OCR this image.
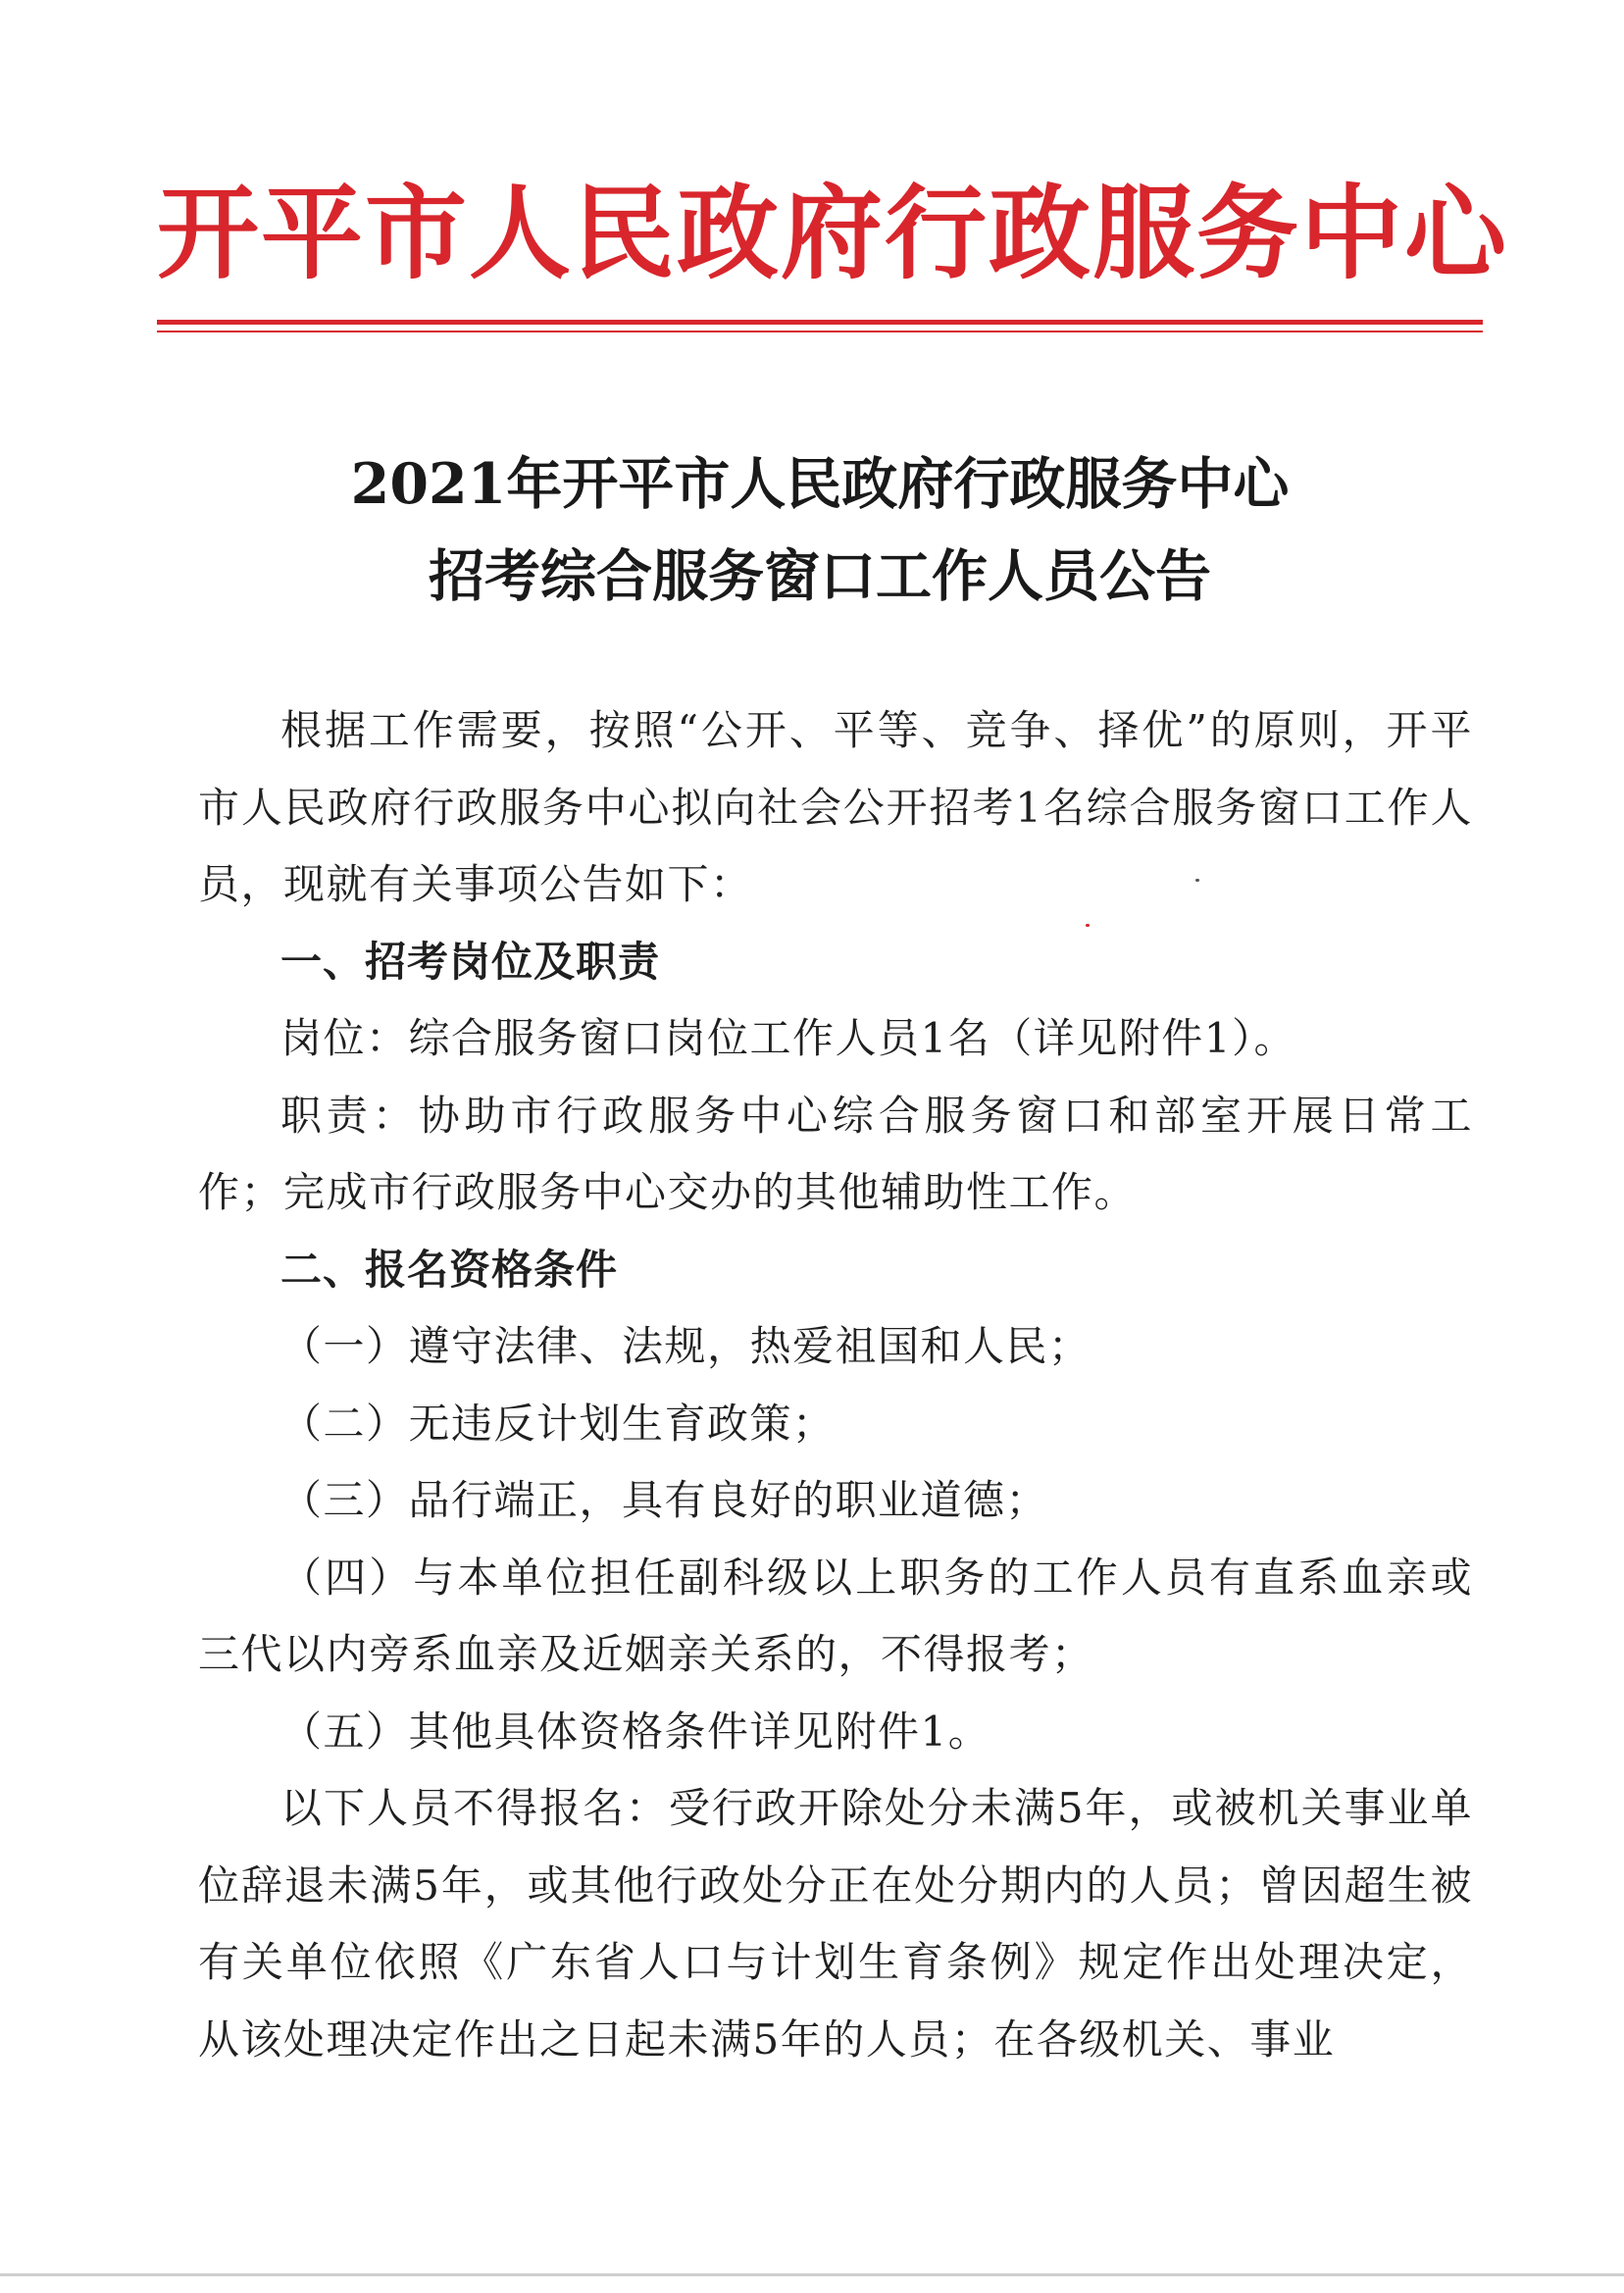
开平市人民政府行政服务中心
2021年开平市人民政府行政服务中心
招考综合服务窗口工作人员公告

根据工作需要，按照“公开、平等、竞争、择优”的原则，开平市人民政府行政服务中心拟向社会公开招考1名综合服务窗口工作人员，现就有关事项公告如下：

一、招考岗位及职责

岗位：综合服务窗口岗位工作人员1名（详见附件1）。

职责：协助市行政服务中心综合服务窗口和部室开展日常工作；完成市行政服务中心交办的其他辅助性工作。

二、报名资格条件

（一）遵守法律、法规，热爱祖国和人民；

（二）无违反计划生育政策；

（三）品行端正，具有良好的职业道德；

（四）与本单位担任副科级以上职务的工作人员有直系血亲或三代以内旁系血亲及近姻亲关系的，不得报考；

（五）其他具体资格条件详见附件1。

以下人员不得报名：受行政开除处分未满5年，或被机关事业单位辞退未满5年，或其他行政处分正在处分期内的人员；曾因超生被有关单位依照《广东省人口与计划生育条例》规定作出处理决定，从该处理决定作出之日起未满5年的人员；在各级机关、事业
